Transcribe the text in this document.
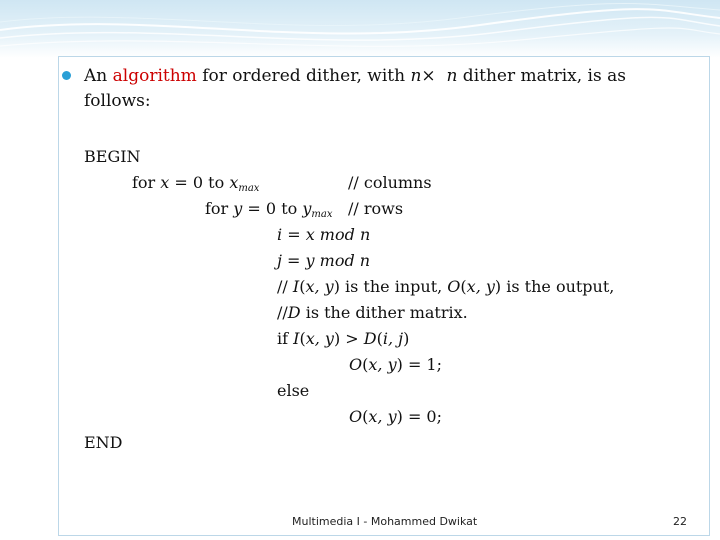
An algorithm for ordered dither, with n× n dither matrix, is as
follows:
BEGIN
for x = 0 to $x_{max}$	// columns
for y = 0 to $y_{max}$ // rows
i = x mod n
j = y mod n
// I(x, y) is the input, O(x, y) is the output,
//D is the dither matrix.
if I(x, y) > D(i, j)
O(x, y) = 1;
else
O(x, y) = 0;
END
Multimedia I - Mohammed Dwikat	22
